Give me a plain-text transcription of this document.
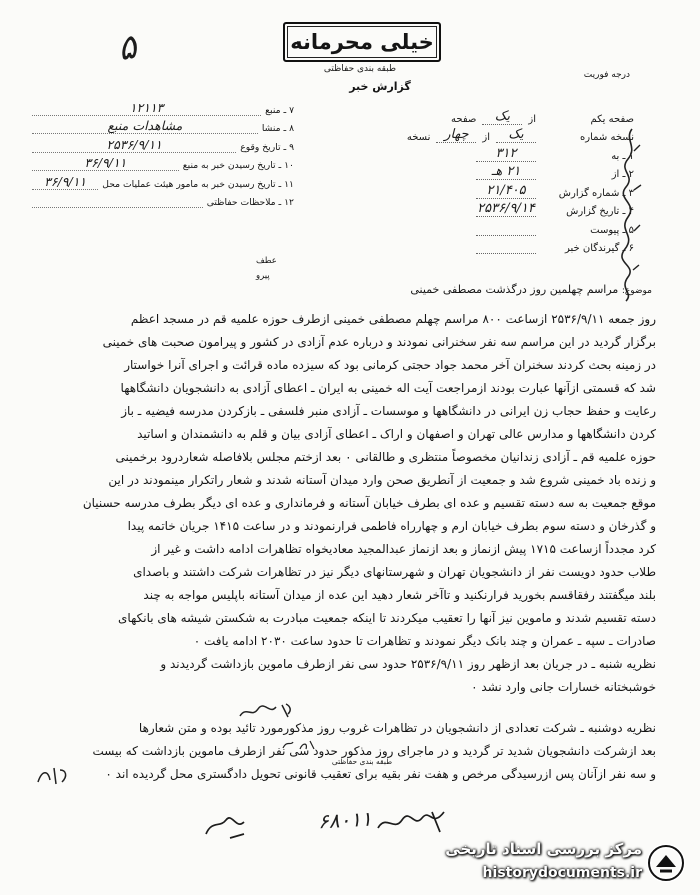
۵	خیلی محرمانه
طبقه بندی حفاظتی
گزارش خبر
درجه فوریت
صفحه یکم
از
یک
صفحه
نسخه شماره
یک
از
چهار
نسخه
۱ ـ به
۳۱۲
۲ ـ از
۲۱ هـ
۳ ـ شماره گزارش
۲۱/۴۰۵
۴ ـ تاریخ گزارش
۲۵۳۶/۹/۱۴
۵ ـ پیوست
۶ ـ گیرندگان خبر
۷ ـ منبع
۱۲۱۱۳
۸ ـ منشا
مشاهدات منبع
۹ ـ تاریخ وقوع
۲۵۳۶/۹/۱۱
۱۰ ـ تاریخ رسیدن خبر به منبع
۳۶/۹/۱۱
۱۱ ـ تاریخ رسیدن خبر به مامور هیئت عملیات محل
۳۶/۹/۱۱
۱۲ ـ ملاحظات حفاظتی
عطف
پیرو
موضوع: مراسم چهلمین روز درگذشت مصطفی خمینی
روز جمعه ۲۵۳۶/۹/۱۱ ازساعت ۸۰۰ مراسم چهلم مصطفی خمینی ازطرف حوزه علمیه قم در مسجد اعظم
برگزار گردید در این مراسم سه نفر سخنرانی نمودند و درباره عدم آزادی در کشور و پیرامون صحبت های خمینی
در زمینه بحث کردند سخنران آخر محمد جواد حجتی کرمانی بود که سیزده ماده قرائت و اجرای آنرا خواستار
شد که قسمتی ازآنها عبارت بودند ازمراجعت آیت اله خمینی به ایران ـ اعطای آزادی به دانشجویان دانشگاهها
رعایت و حفظ حجاب زن ایرانی در دانشگاهها و موسسات ـ آزادی منبر فلسفی ـ بازکردن مدرسه فیضیه ـ باز
کردن دانشگاهها و مدارس عالی تهران و اصفهان و اراک ـ اعطای آزادی بیان و قلم به دانشمندان و اساتید
حوزه علمیه قم ـ آزادی زندانیان مخصوصاً منتظری و طالقانی ۰ بعد ازختم مجلس بلافاصله شعاردرود برخمینی
و زنده باد خمینی شروع شد و جمعیت از آنطریق صحن وارد میدان آستانه شدند و شعار راتکرار مینمودند در این
موقع جمعیت به سه دسته تقسیم و عده ای بطرف خیابان آستانه و فرمانداری و عده ای دیگر بطرف مدرسه حسنیان
و گذرخان و دسته سوم بطرف خیابان ارم و چهارراه فاطمی فرارنمودند و در ساعت ۱۴۱۵ جریان خاتمه پیدا
کرد مجدداً ازساعت ۱۷۱۵ پیش ازنماز و بعد ازنماز عبدالمجید معادیخواه تظاهرات ادامه داشت و غیر از
طلاب حدود دویست نفر از دانشجویان تهران و شهرستانهای دیگر نیز در تظاهرات شرکت داشتند و باصدای
بلند میگفتند رفقاقسم بخورید فرارنکنید و تاآخر شعار دهید این عده از میدان آستانه باپلیس مواجه به چند
دسته تقسیم شدند و ماموین نیز آنها را تعقیب میکردند تا اینکه جمعیت مبادرت به شکستن شیشه های بانکهای
صادرات ـ سپه ـ عمران و چند بانک دیگر نمودند و تظاهرات تا حدود ساعت ۲۰۳۰ ادامه یافت ۰
نظریه شنبه ـ در جریان بعد ازظهر روز ۲۵۳۶/۹/۱۱ حدود سی نفر ازطرف ماموین بازداشت گردیدند و
خوشبختانه خسارات جانی وارد نشد ۰
نظریه دوشنبه ـ شرکت تعدادی از دانشجویان در تظاهرات غروب روز مذکورمورد تائید بوده و متن شعارها
بعد ازشرکت دانشجویان شدید تر گردید و در ماجرای روز مذکور حدود سی نفر ازطرف ماموین بازداشت که بیست
و سه نفر ازآنان پس ازرسیدگی مرخص و هفت نفر بقیه برای تعقیب قانونی تحویل دادگستری محل گردیده اند ۰
طبقه بندی حفاظتی
۶۸۰۱۱
مرکز بررسی اسناد تاریخی
historydocuments.ir
